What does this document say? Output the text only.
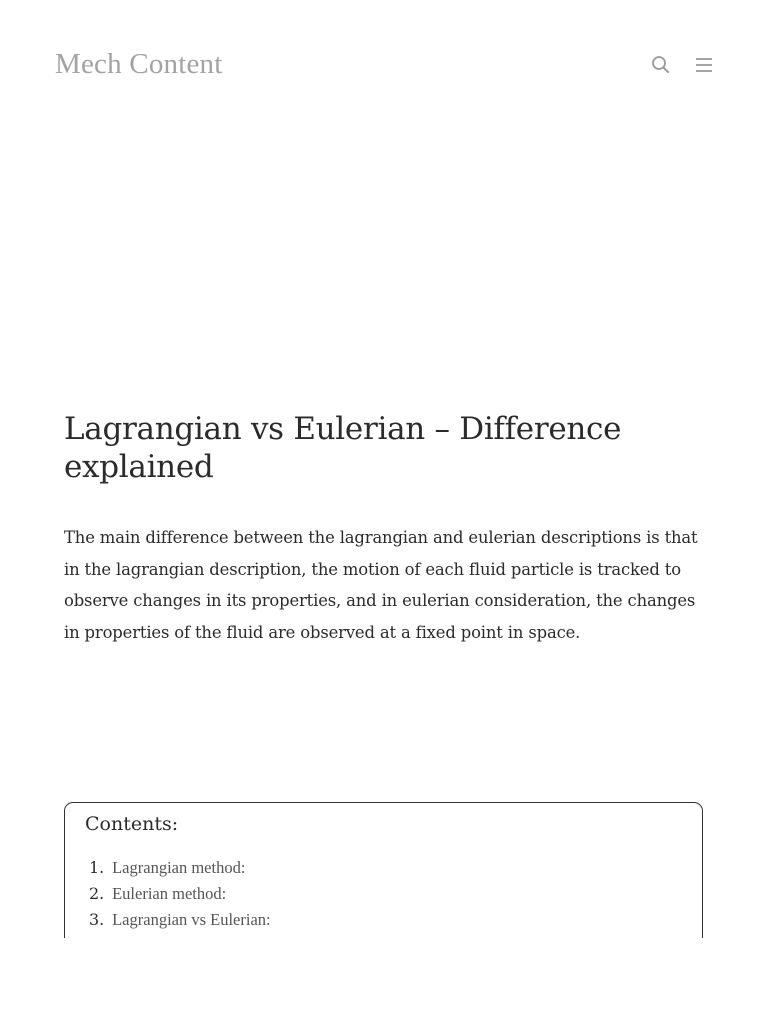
Mech Content
Lagrangian vs Eulerian – Difference explained

The main difference between the lagrangian and eulerian descriptions is that in the lagrangian description, the motion of each fluid particle is tracked to observe changes in its properties, and in eulerian consideration, the changes in properties of the fluid are observed at a fixed point in space.

Contents:
1. Lagrangian method:
2. Eulerian method:
3. Lagrangian vs Eulerian:
